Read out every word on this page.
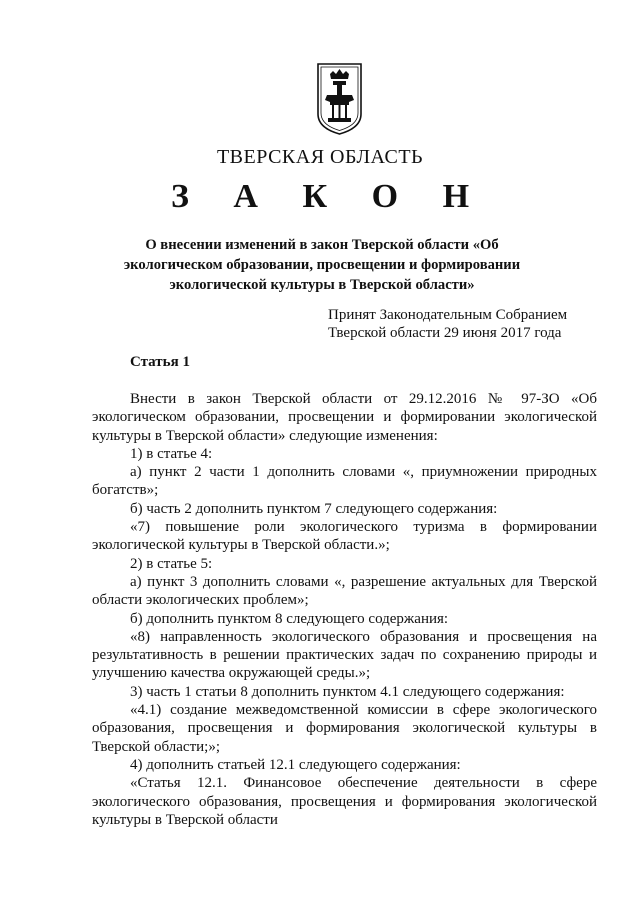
ТВЕРСКАЯ ОБЛАСТЬ
З А К О Н
О внесении изменений в закон Тверской области «Об экологическом образовании, просвещении и формировании экологической культуры в Тверской области»
Принят Законодательным Собранием
Тверской области 29 июня 2017 года
Статья 1

Внести в закон Тверской области от 29.12.2016 № 97-ЗО «Об экологическом образовании, просвещении и формировании экологической культуры в Тверской области» следующие изменения:

1) в статье 4:

а) пункт 2 части 1 дополнить словами «, приумножении природных богатств»;

б) часть 2 дополнить пунктом 7 следующего содержания:

«7) повышение роли экологического туризма в формировании экологической культуры в Тверской области.»;

2) в статье 5:

а) пункт 3 дополнить словами «, разрешение актуальных для Тверской области экологических проблем»;

б) дополнить пунктом 8 следующего содержания:

«8) направленность экологического образования и просвещения на результативность в решении практических задач по сохранению природы и улучшению качества окружающей среды.»;

3) часть 1 статьи 8 дополнить пунктом 4.1 следующего содержания:

«4.1) создание межведомственной комиссии в сфере экологического образования, просвещения и формирования экологической культуры в Тверской области;»;

4) дополнить статьей 12.1 следующего содержания:

«Статья 12.1. Финансовое обеспечение деятельности в сфере экологического образования, просвещения и формирования экологической культуры в Тверской области
